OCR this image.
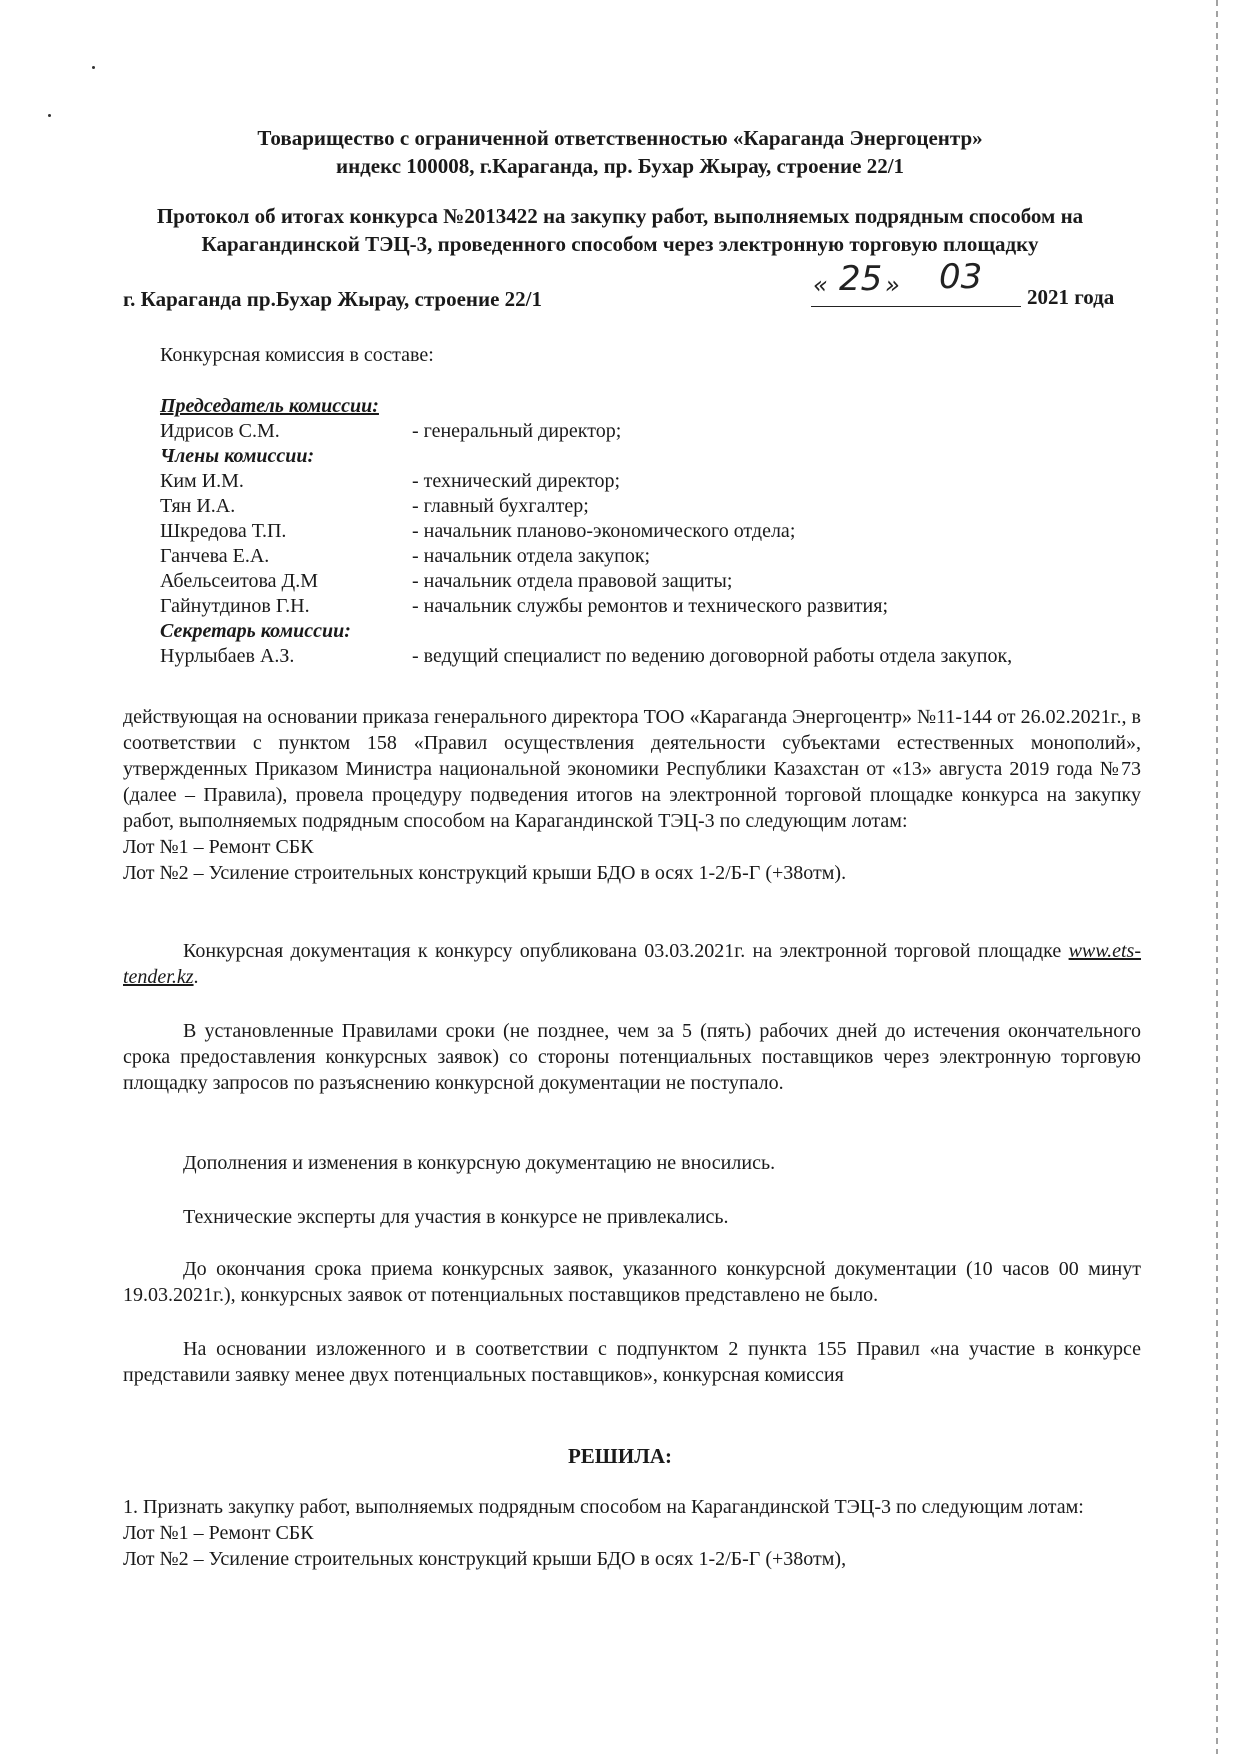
Товарищество с ограниченной ответственностью «Караганда Энергоцентр»
индекс 100008, г.Караганда, пр. Бухар Жырау, строение 22/1
Протокол об итогах конкурса №2013422 на закупку работ, выполняемых подрядным способом на
Карагандинской ТЭЦ-3, проведенного способом через электронную торговую площадку
г. Караганда пр.Бухар Жырау, строение 22/1	« 25 » 03 2021 года
Конкурсная комиссия в составе:
Председатель комиссии:
Идрисов С.М.	- генеральный директор;
Члены комиссии:
Ким И.М.	- технический директор;
Тян И.А.	- главный бухгалтер;
Шкредова Т.П.	- начальник планово-экономического отдела;
Ганчева Е.А.	- начальник отдела закупок;
Абельсеитова Д.М	- начальник отдела правовой защиты;
Гайнутдинов Г.Н.	- начальник службы ремонтов и технического развития;
Секретарь комиссии:
Нурлыбаев А.З.	- ведущий специалист по ведению договорной работы отдела закупок,
действующая на основании приказа генерального директора ТОО «Караганда Энергоцентр» №11-144 от 26.02.2021г., в соответствии с пунктом 158 «Правил осуществления деятельности субъектами естественных монополий», утвержденных Приказом Министра национальной экономики Республики Казахстан от «13» августа 2019 года №73 (далее – Правила), провела процедуру подведения итогов на электронной торговой площадке конкурса на закупку работ, выполняемых подрядным способом на Карагандинской ТЭЦ-3 по следующим лотам:
Лот №1 – Ремонт СБК
Лот №2 – Усиление строительных конструкций крыши БДО в осях 1-2/Б-Г (+38отм).
Конкурсная документация к конкурсу опубликована 03.03.2021г. на электронной торговой площадке www.ets-tender.kz.
В установленные Правилами сроки (не позднее, чем за 5 (пять) рабочих дней до истечения окончательного срока предоставления конкурсных заявок) со стороны потенциальных поставщиков через электронную торговую площадку запросов по разъяснению конкурсной документации не поступало.
Дополнения и изменения в конкурсную документацию не вносились.
Технические эксперты для участия в конкурсе не привлекались.
До окончания срока приема конкурсных заявок, указанного конкурсной документации (10 часов 00 минут 19.03.2021г.), конкурсных заявок от потенциальных поставщиков представлено не было.
На основании изложенного и в соответствии с подпунктом 2 пункта 155 Правил «на участие в конкурсе представили заявку менее двух потенциальных поставщиков», конкурсная комиссия
РЕШИЛА:
1. Признать закупку работ, выполняемых подрядным способом на Карагандинской ТЭЦ-3 по следующим лотам:
Лот №1 – Ремонт СБК
Лот №2 – Усиление строительных конструкций крыши БДО в осях 1-2/Б-Г (+38отм),
